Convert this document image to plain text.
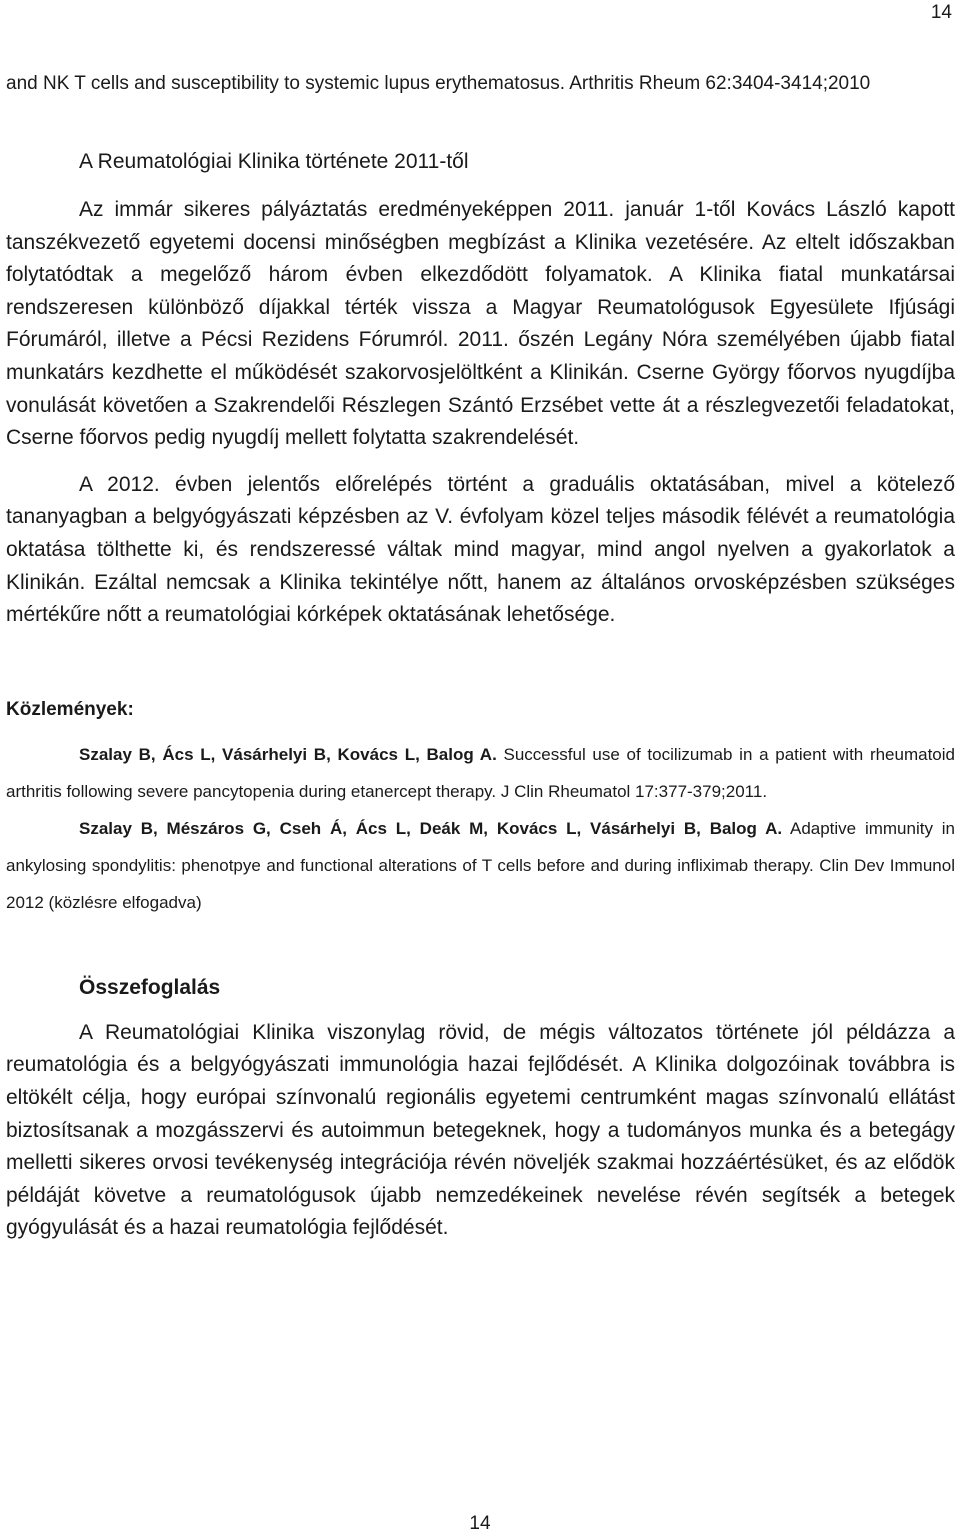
14

and NK T cells and susceptibility to systemic lupus erythematosus. Arthritis Rheum 62:3404-3414;2010

A Reumatológiai Klinika története 2011-től

Az immár sikeres pályáztatás eredményeképpen 2011. január 1-től Kovács László kapott tanszékvezető egyetemi docensi minőségben megbízást a Klinika vezetésére. Az eltelt időszakban folytatódtak a megelőző három évben elkezdődött folyamatok. A Klinika fiatal munkatársai rendszeresen különböző díjakkal térték vissza a Magyar Reumatológusok Egyesülete Ifjúsági Fórumáról, illetve a Pécsi Rezidens Fórumról. 2011. őszén Legány Nóra személyében újabb fiatal munkatárs kezdhette el működését szakorvosjelöltként a Klinikán. Cserne György főorvos nyugdíjba vonulását követően a Szakrendelői Részlegen Szántó Erzsébet vette át a részlegvezetői feladatokat, Cserne főorvos pedig nyugdíj mellett folytatta szakrendelését.

A 2012. évben jelentős előrelépés történt a graduális oktatásában, mivel a kötelező tananyagban a belgyógyászati képzésben az V. évfolyam közel teljes második félévét a reumatológia oktatása tölthette ki, és rendszeressé váltak mind magyar, mind angol nyelven a gyakorlatok a Klinikán. Ezáltal nemcsak a Klinika tekintélye nőtt, hanem az általános orvosképzésben szükséges mértékűre nőtt a reumatológiai kórképek oktatásának lehetősége.

Közlemények:

Szalay B, Ács L, Vásárhelyi B, Kovács L, Balog A. Successful use of tocilizumab in a patient with rheumatoid arthritis following severe pancytopenia during etanercept therapy. J Clin Rheumatol 17:377-379;2011.

Szalay B, Mészáros G, Cseh Á, Ács L, Deák M, Kovács L, Vásárhelyi B, Balog A. Adaptive immunity in ankylosing spondylitis: phenotpye and functional alterations of T cells before and during infliximab therapy. Clin Dev Immunol 2012 (közlésre elfogadva)

Összefoglalás

A Reumatológiai Klinika viszonylag rövid, de mégis változatos története jól példázza a reumatológia és a belgyógyászati immunológia hazai fejlődését. A Klinika dolgozóinak továbbra is eltökélt célja, hogy európai színvonalú regionális egyetemi centrumként magas színvonalú ellátást biztosítsanak a mozgásszervi és autoimmun betegeknek, hogy a tudományos munka és a betegágy melletti sikeres orvosi tevékenység integrációja révén növeljék szakmai hozzáértésüket, és az elődök példáját követve a reumatológusok újabb nemzedékeinek nevelése révén segítsék a betegek gyógyulását és a hazai reumatológia fejlődését.

14
